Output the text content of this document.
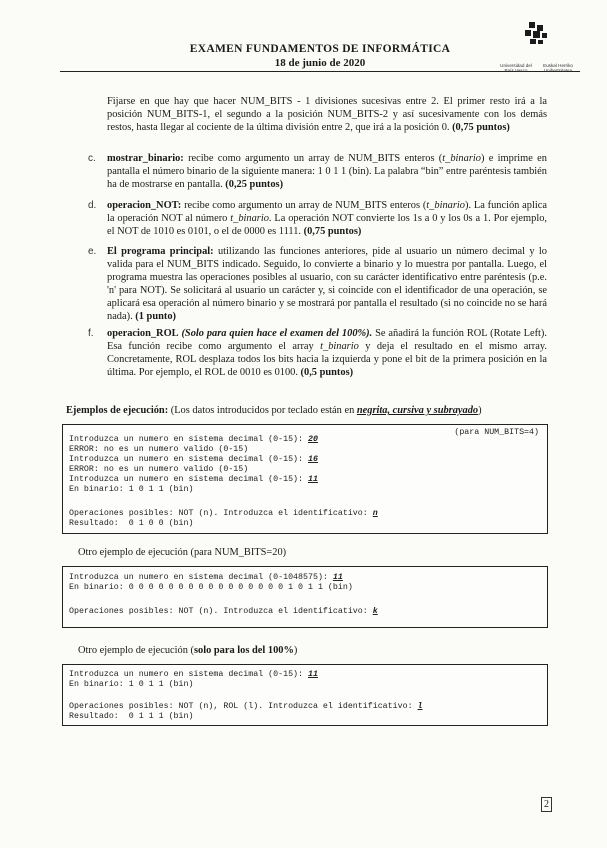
EXAMEN FUNDAMENTOS DE INFORMÁTICA
18 de junio de 2020	Universidad del País Vasco
Euskal Herriko Unibertsitatea
Fijarse en que hay que hacer NUM_BITS - 1 divisiones sucesivas entre 2. El primer resto irá a la posición NUM_BITS-1, el segundo a la posición NUM_BITS-2 y así sucesivamente con los demás restos, hasta llegar al cociente de la última división entre 2, que irá a la posición 0. (0,75 puntos)
c. mostrar_binario: recibe como argumento un array de NUM_BITS enteros (t_binario) e imprime en pantalla el número binario de la siguiente manera: 1 0 1 1 (bin). La palabra “bin” entre paréntesis también ha de mostrarse en pantalla. (0,25 puntos)
d. operacion_NOT: recibe como argumento un array de NUM_BITS enteros (t_binario). La función aplica la operación NOT al número t_binario. La operación NOT convierte los 1s a 0 y los 0s a 1. Por ejemplo, el NOT de 1010 es 0101, o el de 0000 es 1111. (0,75 puntos)
e. El programa principal: utilizando las funciones anteriores, pide al usuario un número decimal y lo valida para el NUM_BITS indicado. Seguido, lo convierte a binario y lo muestra por pantalla. Luego, el programa muestra las operaciones posibles al usuario, con su carácter identificativo entre paréntesis (p.e. 'n' para NOT). Se solicitará al usuario un carácter y, si coincide con el identificador de una operación, se aplicará esa operación al número binario y se mostrará por pantalla el resultado (si no coincide no se hará nada). (1 punto)
f. operacion_ROL (Solo para quien hace el examen del 100%). Se añadirá la función ROL (Rotate Left). Esa función recibe como argumento el array t_binario y deja el resultado en el mismo array. Concretamente, ROL desplaza todos los bits hacia la izquierda y pone el bit de la primera posición en la última. Por ejemplo, el ROL de 0010 es 0100. (0,5 puntos)
Ejemplos de ejecución: (Los datos introducidos por teclado están en negrita, cursiva y subrayado)
(para NUM_BITS=4)
Introduzca un numero en sistema decimal (0-15): 20
ERROR: no es un numero valido (0-15)
Introduzca un numero en sistema decimal (0-15): 16
ERROR: no es un numero valido (0-15)
Introduzca un numero en sistema decimal (0-15): 11
En binario: 1 0 1 1 (bin)
Operaciones posibles: NOT (n). Introduzca el identificativo: n
Resultado:  0 1 0 0 (bin)
Otro ejemplo de ejecución (para NUM_BITS=20)
Introduzca un numero en sistema decimal (0-1048575): 11
En binario: 0 0 0 0 0 0 0 0 0 0 0 0 0 0 0 0 1 0 1 1 (bin)
Operaciones posibles: NOT (n). Introduzca el identificativo: k
Otro ejemplo de ejecución (solo para los del 100%)
Introduzca un numero en sistema decimal (0-15): 11
En binario: 1 0 1 1 (bin)
Operaciones posibles: NOT (n), ROL (l). Introduzca el identificativo: l
Resultado:  0 1 1 1 (bin)
2
